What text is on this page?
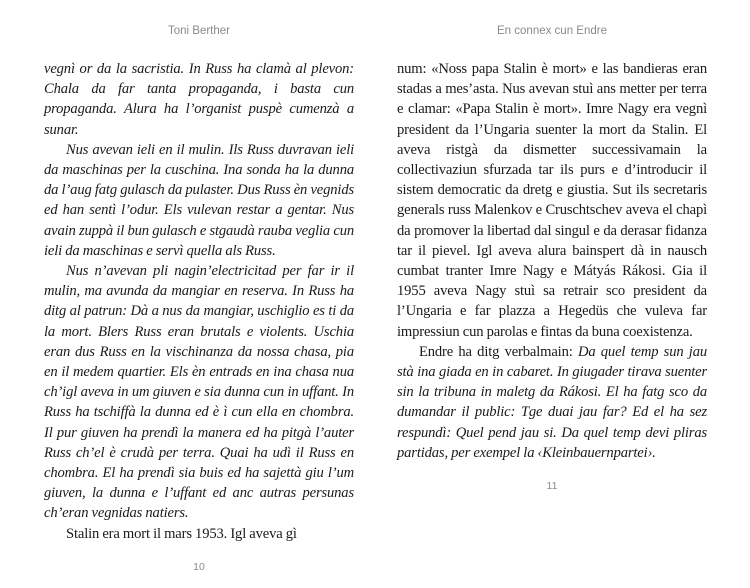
Toni Berther

vegnì or da la sacristia. In Russ ha clamà al plevon: Chala da far tanta propaganda, i basta cun propaganda. Alura ha l’organist puspè cumenzà a sunar.

Nus avevan ieli en il mulin. Ils Russ duvravan ieli da maschinas per la cuschina. Ina sonda ha la dunna da l’aug fatg gulasch da pulaster. Dus Russ èn vegnids ed han sentì l’odur. Els vulevan restar a gentar. Nus avain zuppà il bun gulasch e stgaudà rauba veglia cun ieli da maschinas e servì quella als Russ.

Nus n’avevan pli nagin’electricitad per far ir il mulin, ma avunda da mangiar en reserva. In Russ ha ditg al patrun: Dà a nus da mangiar, uschiglio es ti da la mort. Blers Russ eran brutals e violents. Uschia eran dus Russ en la vischinanza da nossa chasa, pia en il medem quartier. Els èn entrads en ina chasa nua ch’igl aveva in um giuven e sia dunna cun in uffant. In Russ ha tschiffà la dunna ed è ì cun ella en chombra. Il pur giuven ha prendì la manera ed ha pitgà l’auter Russ ch’el è crudà per terra. Quai ha udì il Russ en chombra. El ha prendì sia buis ed ha sajettà giu l’um giuven, la dunna e l’uffant ed anc autras persunas ch’eran vegnidas natiers.

Stalin era mort il mars 1953. Igl aveva gì

10
En connex cun Endre

num: «Noss papa Stalin è mort» e las bandieras eran stadas a mes’asta. Nus avevan stuì ans metter per terra e clamar: «Papa Stalin è mort». Imre Nagy era vegnì president da l’Ungaria suenter la mort da Stalin. El aveva ristgà da dismetter successivamain la collectivaziun sfurzada tar ils purs e d’introducir il sistem democratic da dretg e giustia. Sut ils secretaris generals russ Malenkov e Cruschtschev aveva el chapì da promover la libertad dal singul e da derasar fidanza tar il pievel. Igl aveva alura bainspert dà in nausch cumbat tranter Imre Nagy e Mátyás Rákosi. Gia il 1955 aveva Nagy stuì sa retrair sco president da l’Ungaria e far plazza a Hegedüs che vuleva far impressiun cun parolas e fintas da buna coexistenza.

Endre ha ditg verbalmain: Da quel temp sun jau stà ina giada en in cabaret. In giugader tirava suenter sin la tribuna in maletg da Rákosi. El ha fatg sco da dumandar il public: Tge duai jau far? Ed el ha sez respundì: Quel pend jau si. Da quel temp devi pliras partidas, per exempel la ‹Kleinbauernpartei›.

11
